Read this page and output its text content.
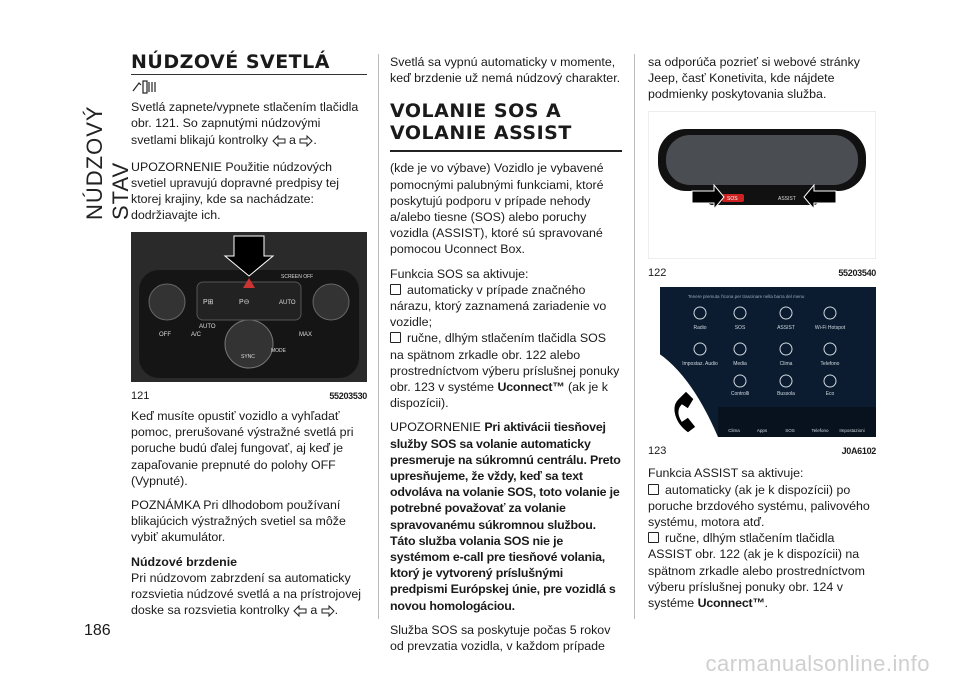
NÚDZOVÝ STAV
186
NÚDZOVÉ SVETLÁ

Svetlá zapnete/vypnete stlačením tlačidla obr. 121. So zapnutými núdzovými svetlami blikajú kontrolky a .

UPOZORNENIE Použitie núdzových svetiel upravujú dopravné predpisy tej ktorej krajiny, kde sa nachádzate: dodržiavajte ich.

AUTO
SCREEN OFF
P⊞	P⊝	AUTO
OFF	A/C
SYNC
MAX
MODE
121	55203530

Keď musíte opustiť vozidlo a vyhľadať pomoc, prerušované výstražné svetlá pri poruche budú ďalej fungovať, aj keď je zapaľovanie prepnuté do polohy OFF (Vypnuté).

POZNÁMKA Pri dlhodobom používaní blikajúcich výstražných svetiel sa môže vybiť akumulátor.

Núdzové brzdenie

Pri núdzovom zabrzdení sa automaticky rozsvietia núdzové svetlá a na prístrojovej doske sa rozsvietia kontrolky a .

Svetlá sa vypnú automaticky v momente, keď brzdenie už nemá núdzový charakter.

VOLANIE SOS A VOLANIE ASSIST

(kde je vo výbave) Vozidlo je vybavené pomocnými palubnými funkciami, ktoré poskytujú podporu v prípade nehody a/alebo tiesne (SOS) alebo poruchy vozidla (ASSIST), ktoré sú spravované pomocou Uconnect Box.

Funkcia SOS sa aktivuje:
automaticky v prípade značného nárazu, ktorý zaznamená zariadenie vo vozidle;

ručne, dlhým stlačením tlačidla SOS na spätnom zrkadle obr. 122 alebo prostredníctvom výberu príslušnej ponuky obr. 123 v systéme Uconnect™ (ak je k dispozícii).

UPOZORNENIE Pri aktivácii tiesňovej služby SOS sa volanie automaticky presmeruje na súkromnú centrálu. Preto upresňujeme, že vždy, keď sa text odvoláva na volanie SOS, toto volanie je potrebné považovať za volanie spravovanému súkromnou službou. Táto služba volania SOS nie je systémom e-call pre tiesňové volania, ktorý je vytvorený príslušnými predpismi Európskej únie, pre vozidlá s novou homologáciou.

Služba SOS sa poskytuje počas 5 rokov od prevzatia vozidla, v každom prípade

sa odporúča pozrieť si webové stránky Jeep, časť Konetivita, kde nájdete podmienky poskytovania služba.

SOS	ASSIST
122	55203540
Tenere premuta l'icona per trascinare nella barra del menu
Radio	SOS	ASSIST	Wi-Fi Hotspot
Impostaz. Audio	Media	Clima	Telefono
Controlli	Bussola	Eco
Clima	Apps	SOS	Telefono Impostazioni
123	J0A6102
Funkcia ASSIST sa aktivuje:
automaticky (ak je k dispozícii) po poruche brzdového systému, palivového systému, motora atď.
ručne, dlhým stlačením tlačidla ASSIST obr. 122 (ak je k dispozícii) na spätnom zrkadle alebo prostredníctvom výberu príslušnej ponuky obr. 124 v systéme Uconnect™.
carmanualsonline.info
